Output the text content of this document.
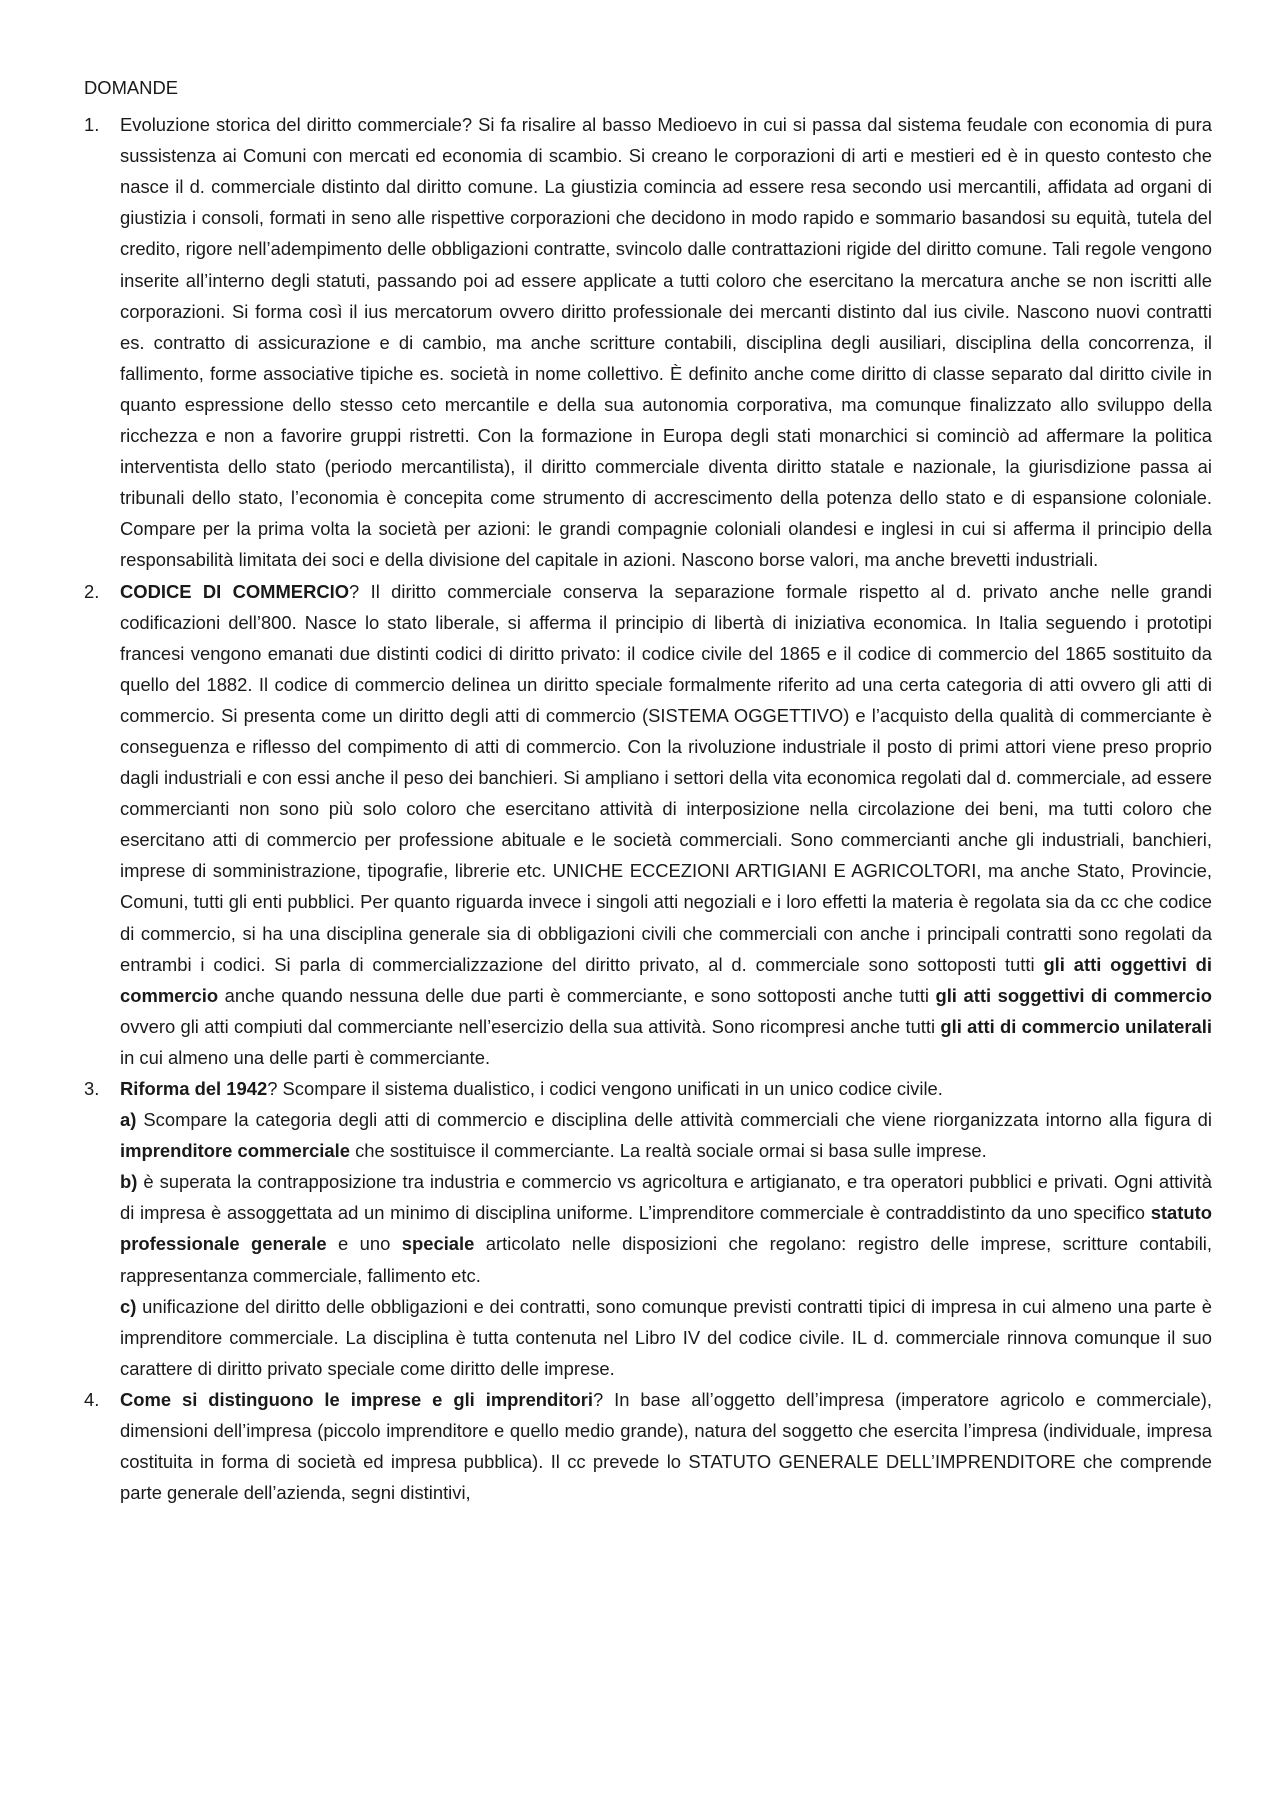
DOMANDE
1. Evoluzione storica del diritto commerciale? Si fa risalire al basso Medioevo in cui si passa dal sistema feudale con economia di pura sussistenza ai Comuni con mercati ed economia di scambio. Si creano le corporazioni di arti e mestieri ed è in questo contesto che nasce il d. commerciale distinto dal diritto comune. La giustizia comincia ad essere resa secondo usi mercantili, affidata ad organi di giustizia i consoli, formati in seno alle rispettive corporazioni che decidono in modo rapido e sommario basandosi su equità, tutela del credito, rigore nell’adempimento delle obbligazioni contratte, svincolo dalle contrattazioni rigide del diritto comune. Tali regole vengono inserite all’interno degli statuti, passando poi ad essere applicate a tutti coloro che esercitano la mercatura anche se non iscritti alle corporazioni. Si forma così il ius mercatorum ovvero diritto professionale dei mercanti distinto dal ius civile. Nascono nuovi contratti es. contratto di assicurazione e di cambio, ma anche scritture contabili, disciplina degli ausiliari, disciplina della concorrenza, il fallimento, forme associative tipiche es. società in nome collettivo. È definito anche come diritto di classe separato dal diritto civile in quanto espressione dello stesso ceto mercantile e della sua autonomia corporativa, ma comunque finalizzato allo sviluppo della ricchezza e non a favorire gruppi ristretti. Con la formazione in Europa degli stati monarchici si cominciò ad affermare la politica interventista dello stato (periodo mercantilista), il diritto commerciale diventa diritto statale e nazionale, la giurisdizione passa ai tribunali dello stato, l’economia è concepita come strumento di accrescimento della potenza dello stato e di espansione coloniale. Compare per la prima volta la società per azioni: le grandi compagnie coloniali olandesi e inglesi in cui si afferma il principio della responsabilità limitata dei soci e della divisione del capitale in azioni. Nascono borse valori, ma anche brevetti industriali.
2. CODICE DI COMMERCIO? Il diritto commerciale conserva la separazione formale rispetto al d. privato anche nelle grandi codificazioni dell’800. Nasce lo stato liberale, si afferma il principio di libertà di iniziativa economica. In Italia seguendo i prototipi francesi vengono emanati due distinti codici di diritto privato: il codice civile del 1865 e il codice di commercio del 1865 sostituito da quello del 1882. Il codice di commercio delinea un diritto speciale formalmente riferito ad una certa categoria di atti ovvero gli atti di commercio. Si presenta come un diritto degli atti di commercio (SISTEMA OGGETTIVO) e l’acquisto della qualità di commerciante è conseguenza e riflesso del compimento di atti di commercio. Con la rivoluzione industriale il posto di primi attori viene preso proprio dagli industriali e con essi anche il peso dei banchieri. Si ampliano i settori della vita economica regolati dal d. commerciale, ad essere commercianti non sono più solo coloro che esercitano attività di interposizione nella circolazione dei beni, ma tutti coloro che esercitano atti di commercio per professione abituale e le società commerciali. Sono commercianti anche gli industriali, banchieri, imprese di somministrazione, tipografie, librerie etc. UNICHE ECCEZIONI ARTIGIANI E AGRICOLTORI, ma anche Stato, Provincie, Comuni, tutti gli enti pubblici. Per quanto riguarda invece i singoli atti negoziali e i loro effetti la materia è regolata sia da cc che codice di commercio, si ha una disciplina generale sia di obbligazioni civili che commerciali con anche i principali contratti sono regolati da entrambi i codici. Si parla di commercializzazione del diritto privato, al d. commerciale sono sottoposti tutti gli atti oggettivi di commercio anche quando nessuna delle due parti è commerciante, e sono sottoposti anche tutti gli atti soggettivi di commercio ovvero gli atti compiuti dal commerciante nell’esercizio della sua attività. Sono ricompresi anche tutti gli atti di commercio unilaterali in cui almeno una delle parti è commerciante.
3. Riforma del 1942? Scompare il sistema dualistico, i codici vengono unificati in un unico codice civile.
a) Scompare la categoria degli atti di commercio e disciplina delle attività commerciali che viene riorganizzata intorno alla figura di imprenditore commerciale che sostituisce il commerciante. La realtà sociale ormai si basa sulle imprese.
b) è superata la contrapposizione tra industria e commercio vs agricoltura e artigianato, e tra operatori pubblici e privati. Ogni attività di impresa è assoggettata ad un minimo di disciplina uniforme. L’imprenditore commerciale è contraddistinto da uno specifico statuto professionale generale e uno speciale articolato nelle disposizioni che regolano: registro delle imprese, scritture contabili, rappresentanza commerciale, fallimento etc.
c) unificazione del diritto delle obbligazioni e dei contratti, sono comunque previsti contratti tipici di impresa in cui almeno una parte è imprenditore commerciale. La disciplina è tutta contenuta nel Libro IV del codice civile. IL d. commerciale rinnova comunque il suo carattere di diritto privato speciale come diritto delle imprese.
4. Come si distinguono le imprese e gli imprenditori? In base all’oggetto dell’impresa (imperatore agricolo e commerciale), dimensioni dell’impresa (piccolo imprenditore e quello medio grande), natura del soggetto che esercita l’impresa (individuale, impresa costituita in forma di società ed impresa pubblica). Il cc prevede lo STATUTO GENERALE DELL’IMPRENDITORE che comprende parte generale dell’azienda, segni distintivi,
